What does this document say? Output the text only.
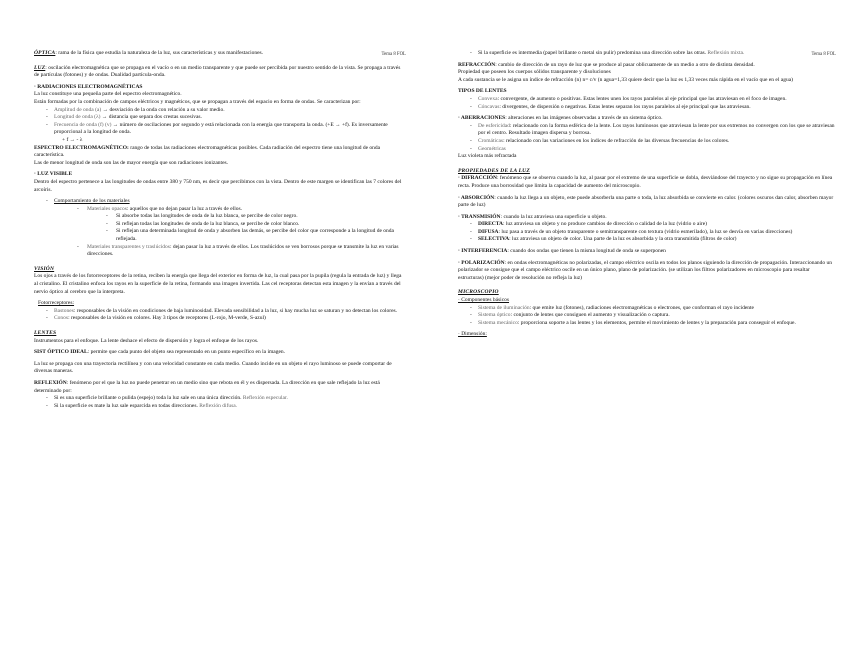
Tema 8 FOL

ÓPTICA: rama de la física que estudia la naturaleza de la luz, sus características y sus manifestaciones.

LUZ: oscilación electromagnética que se propaga en el vacío o en un medio transparente y que puede ser percibida por nuestro sentido de la vista. Se propaga a través de partículas (fotones) y de ondas. Dualidad partícula-onda.

· RADIACIONES ELECTROMAGNÉTICAS

La luz constituye una pequeña parte del espectro electromagnético.

Están formadas por la combinación de campos eléctricos y magnéticos, que se propagan a través del espacio en forma de ondas. Se caracterizan por:

- Amplitud de onda (a) → desviación de la onda con relación a su valor medio.
- Longitud de onda (λ) → distancia que separa dos crestas sucesivas.
- Frecuencia de onda (f) (v) → número de oscilaciones por segundo y está relacionada con la energía que transporta la onda. (+E → +f). Es inversamente proporcional a la longitud de onda.

+ f → - λ

ESPECTRO ELECTROMAGNÉTICO: rango de todas las radiaciones electromagnéticas posibles. Cada radiación del espectro tiene una longitud de onda característica.

Las de menor longitud de onda son las de mayor energía que son radiaciones ionizantes.

· LUZ VISIBLE

Dentro del espectro pertenece a las longitudes de ondas entre 380 y 750 nm, es decir que percibimos con la vista. Dentro de este margen se identifican las 7 colores del arcoíris.

- Comportamiento de los materiales
- Materiales opacos: aquellos que no dejan pasar la luz a través de ellos.
- Si absorbe todas las longitudes de onda de la luz blanca, se percibe de color negro.
- Si reflejan todas las longitudes de onda de la luz blanca, se percibe de color blanco.
- Si reflejan una determinada longitud de onda y absorben las demás, se percibe del color que corresponde a la longitud de onda reflejada.
- Materiales transparentes y traslúcidos: dejan pasar la luz a través de ellos. Los traslúcidos se ven borrosos porque se transmite la luz en varias direcciones.

VISIÓN

Los ojos a través de los fotorreceptores de la retina, reciben la energía que llega del exterior en forma de luz, la cual pasa por la pupila (regula la entrada de luz) y llega al cristalino. El cristalino enfoca los rayos en la superficie de la retina, formando una imagen invertida. Las cel receptoras detectan esta imagen y la envían a través del nervio óptico al cerebro que la interpreta.

Fotorreceptores:

- Bastones: responsables de la visión en condiciones de baja luminosidad. Elevada sensibilidad a la luz, si hay mucha luz se saturan y no detectan los colores.
- Conos: responsables de la visión en colores. Hay 3 tipos de receptores (L-rojo, M-verde, S-azul)

LENTES

Instrumentos para el enfoque. La lente deshace el efecto de dispersión y logra el enfoque de los rayos.

SIST ÓPTICO IDEAL: permite que cada punto del objeto sea representado en un punto específico en la imagen.

La luz se propaga con una trayectoria rectilínea y con una velocidad constante en cada medio. Cuando incide en un objeto el rayo luminoso se puede comportar de diversas maneras.

REFLEXIÓN: fenómeno por el que la luz no puede penetrar en un medio sino que rebota en él y es dispersada. La dirección en que sale reflejado la luz está determinado por:

- Si es una superficie brillante o pulida (espejo) toda la luz sale en una única dirección. Reflexión especular.
- Si la superficie es mate la luz sale esparcida en todas direcciones. Reflexión difusa.
Tema 8 FOL
- Si la superficie es intermedia (papel brillante o metal sin pulir) predomina una dirección sobre las otras. Reflexión mixta.

REFRACCIÓN: cambio de dirección de un rayo de luz que se produce al pasar oblicuamente de un medio a otro de distinta densidad.

Propiedad que poseen los cuerpos sólidos transparente y disoluciones

A cada sustancia se le asigna un índice de refracción (n) n= c/v (n agua=1,33 quiere decir que la luz es 1,33 veces más rápida en el vacío que en el agua)

TIPOS DE LENTES

- Convexa: convergente, de aumento o positivas. Estas lentes unen los rayos paralelos al eje principal que las atraviesan en el foco de imagen.
- Cóncavas: divergentes, de dispersión o negativas. Estas lentes separan los rayos paralelos al eje principal que las atraviesan.

· ABERRACIONES: alteraciones en las imágenes observadas a través de un sistema óptico.

- De esfericidad: relacionado con la forma esférica de la lente. Los rayos luminosos que atraviesan la lente por sus extremos no convergen con los que se atraviesan por el centro. Resultado imagen dispersa y borrosa.
- Cromáticas: relacionado con las variaciones en los índices de refracción de las diversas frecuencias de los colores.
- Geométricas

Luz violeta más refractada

PROPIEDADES DE LA LUZ

· DIFRACCIÓN: fenómeno que se observa cuando la luz, al pasar por el extremo de una superficie se dobla, desviándose del trayecto y no sigue su propagación en línea recta. Produce una borrosidad que limita la capacidad de aumento del microscopio.

· ABSORCIÓN: cuando la luz llega a un objeto, este puede absorberla una parte o toda, la luz absorbida se convierte en calor. (colores oscuros dan calor, absorben mayor parte de luz)

· TRANSMISIÓN: cuando la luz atraviesa una superficie u objeto.

- DIRECTA: luz atraviesa un objeto y no produce cambios de dirección o calidad de la luz (vidrio o aire)
- DIFUSA: luz pasa a través de un objeto transparente o semitransparente con textura (vidrio esmerilado), la luz se desvía en varias direcciones)
- SELECTIVA: luz atraviesa un objeto de color. Una parte de la luz es absorbida y la otra transmitida (filtros de color)

· INTERFERENCIA: cuando dos ondas que tienen la misma longitud de onda se superponen

· POLARIZACIÓN: en ondas electromagnéticas no polarizadas, el campo eléctrico oscila en todos los planos siguiendo la dirección de propagación. Interaccionando un polarizador se consigue que el campo eléctrico oscile en un único plano, plano de polarización. (se utilizan los filtros polarizadores en microscopio para resaltar estructuras) (mejor poder de resolución no refleja la luz)

MICROSCOPIO

· Componentes básicos

- Sistema de iluminación: que emite luz (fotones), radiaciones electromagnéticas o electrones, que conforman el rayo incidente
- Sistema óptico: conjunto de lentes que consiguen el aumento y visualización o captura.
- Sistema mecánico: proporciona soporte a las lentes y los elementos, permite el movimiento de lentes y la preparación para conseguir el enfoque.

· Dimensión:
